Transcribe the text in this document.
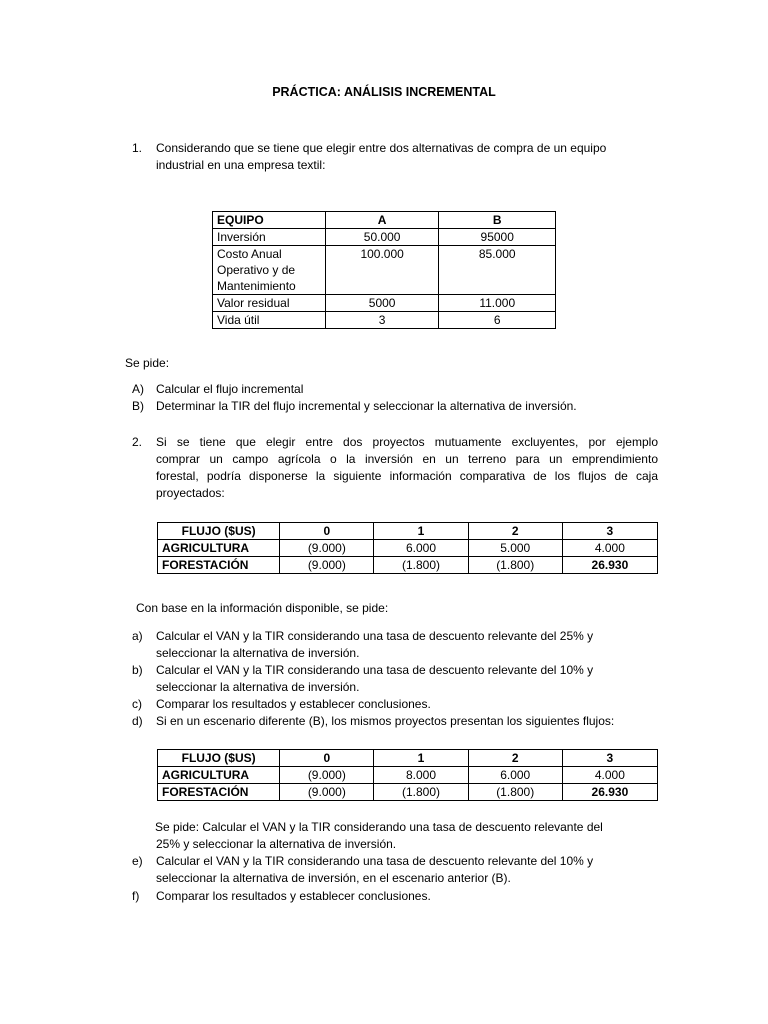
PRÁCTICA: ANÁLISIS INCREMENTAL
1. Considerando que se tiene que elegir entre dos alternativas de compra de un equipo
industrial en una empresa textil:
EQUIPO	A	B
Inversión	50.000	95000

Costo Anual
Operativo y de
Mantenimiento	100.000	85.000
Valor residual	5000	11.000
Vida útil	3	6
Se pide:
A) Calcular el flujo incremental
B) Determinar la TIR del flujo incremental y seleccionar la alternativa de inversión.
2. Si se tiene que elegir entre dos proyectos mutuamente excluyentes, por ejemplo
comprar un campo agrícola o la inversión en un terreno para un emprendimiento
forestal, podría disponerse la siguiente información comparativa de los flujos de caja
proyectados:
FLUJO ($US)	0	1	2	3
AGRICULTURA	(9.000)	6.000	5.000	4.000
FORESTACIÓN	(9.000)	(1.800)	(1.800)	26.930
Con base en la información disponible, se pide:
a) Calcular el VAN y la TIR considerando una tasa de descuento relevante del 25% y
seleccionar la alternativa de inversión.
b) Calcular el VAN y la TIR considerando una tasa de descuento relevante del 10% y
seleccionar la alternativa de inversión.
c) Comparar los resultados y establecer conclusiones.
d) Si en un escenario diferente (B), los mismos proyectos presentan los siguientes flujos:
FLUJO ($US)	0	1	2	3
AGRICULTURA	(9.000)	8.000	6.000	4.000
FORESTACIÓN	(9.000)	(1.800)	(1.800)	26.930
Se pide: Calcular el VAN y la TIR considerando una tasa de descuento relevante del
25% y seleccionar la alternativa de inversión.
e) Calcular el VAN y la TIR considerando una tasa de descuento relevante del 10% y
seleccionar la alternativa de inversión, en el escenario anterior (B).
f) Comparar los resultados y establecer conclusiones.
